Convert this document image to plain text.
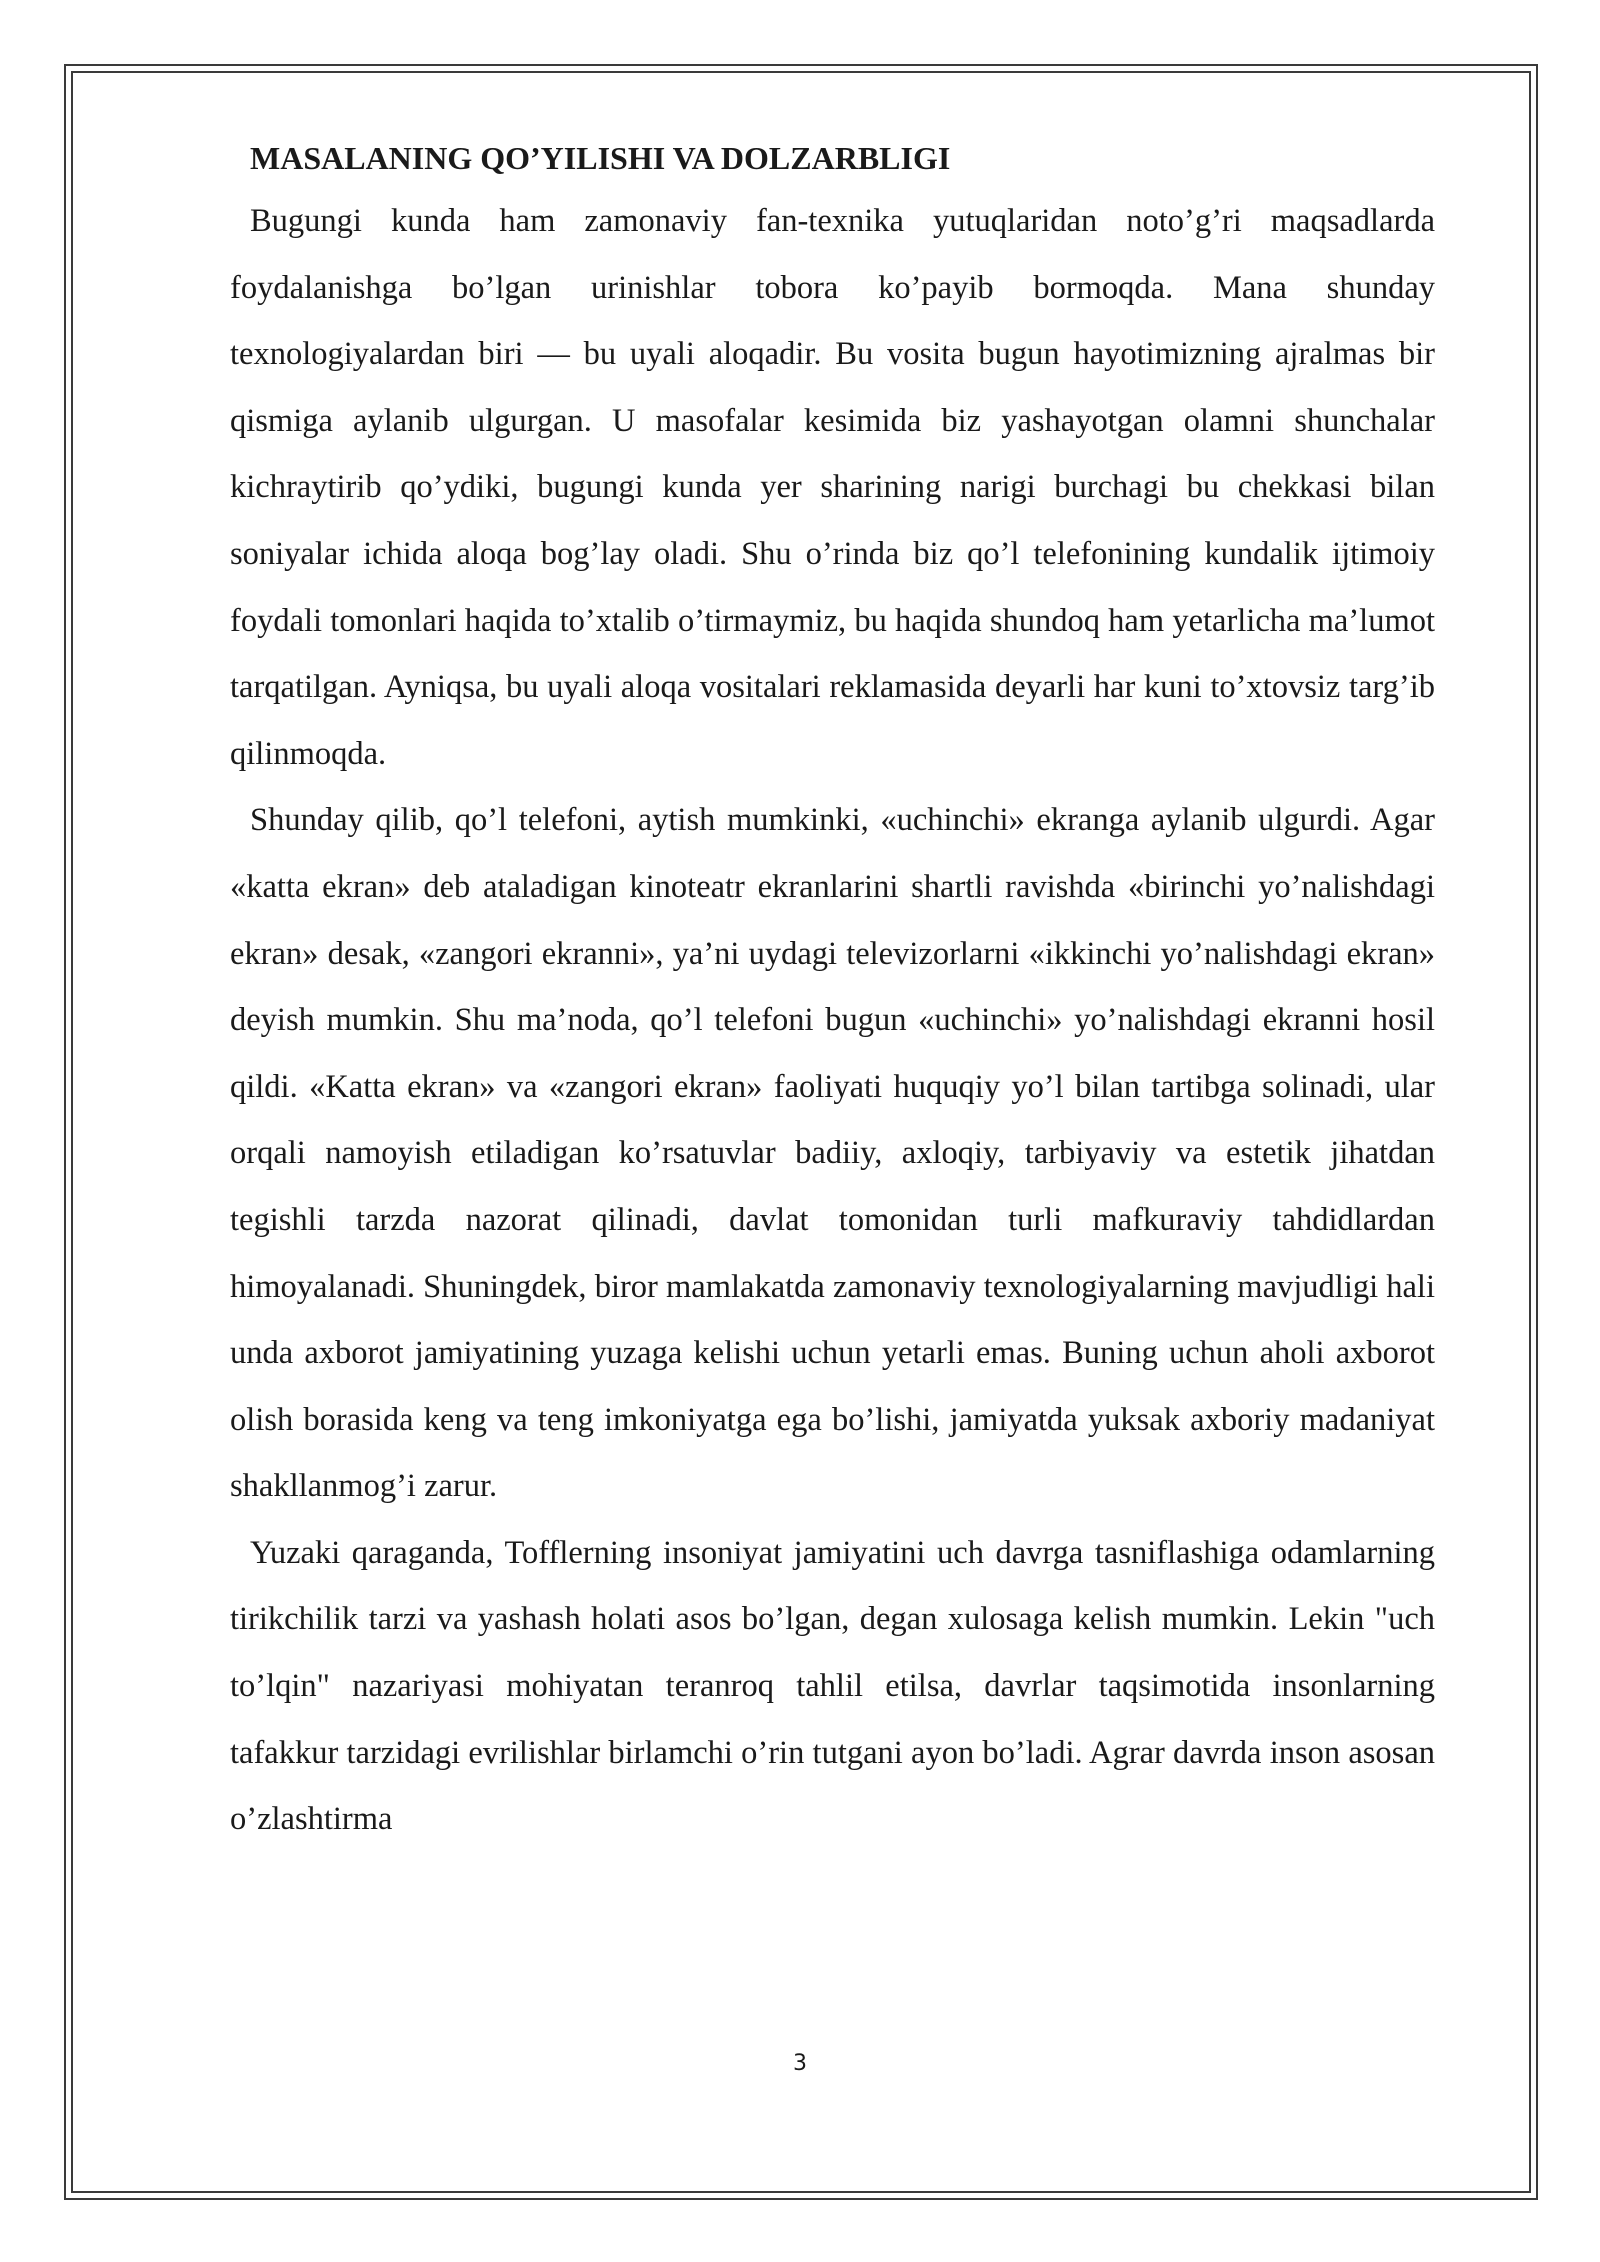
MASALANING QO’YILISHI VA DOLZARBLIGI

Bugungi kunda ham zamonaviy fan-texnika yutuqlaridan noto’g’ri maqsadlarda foydalanishga bo’lgan urinishlar tobora ko’payib bormoqda. Mana shunday texnologiyalardan biri — bu uyali aloqadir. Bu vosita bugun hayotimizning ajralmas bir qismiga aylanib ulgurgan. U masofalar kesimida biz yashayotgan olamni shunchalar kichraytirib qo’ydiki, bugungi kunda yer sharining narigi burchagi bu chekkasi bilan soniyalar ichida aloqa bog’lay oladi. Shu o’rinda biz qo’l telefonining kundalik ijtimoiy foydali tomonlari haqida to’xtalib o’tirmaymiz, bu haqida shundoq ham yetarlicha ma’lumot tarqatilgan. Ayniqsa, bu uyali aloqa vositalari reklamasida deyarli har kuni to’xtovsiz targ’ib qilinmoqda.

Shunday qilib, qo’l telefoni, aytish mumkinki, «uchinchi» ekranga aylanib ulgurdi. Agar «katta ekran» deb ataladigan kinoteatr ekranlarini shartli ravishda «birinchi yo’nalishdagi ekran» desak, «zangori ekranni», ya’ni uydagi televizorlarni «ikkinchi yo’nalishdagi ekran» deyish mumkin. Shu ma’noda, qo’l telefoni bugun «uchinchi» yo’nalishdagi ekranni hosil qildi. «Katta ekran» va «zangori ekran» faoliyati huquqiy yo’l bilan tartibga solinadi, ular orqali namoyish etiladigan ko’rsatuvlar badiiy, axloqiy, tarbiyaviy va estetik jihatdan tegishli tarzda nazorat qilinadi, davlat tomonidan turli mafkuraviy tahdidlardan himoyalanadi. Shuningdek, biror mamlakatda zamonaviy texnologiyalarning mavjudligi hali unda axborot jamiyatining yuzaga kelishi uchun yetarli emas. Buning uchun aholi axborot olish borasida keng va teng imkoniyatga ega bo’lishi, jamiyatda yuksak axboriy madaniyat shakllanmog’i zarur.

Yuzaki qaraganda, Tofflerning insoniyat jamiyatini uch davrga tasniflashiga odamlarning tirikchilik tarzi va yashash holati asos bo’lgan, degan xulosaga kelish mumkin. Lekin "uch to’lqin" nazariyasi mohiyatan teranroq tahlil etilsa, davrlar taqsimotida insonlarning tafakkur tarzidagi evrilishlar birlamchi o’rin tutgani ayon bo’ladi. Agrar davrda inson asosan o’zlashtirma

3
